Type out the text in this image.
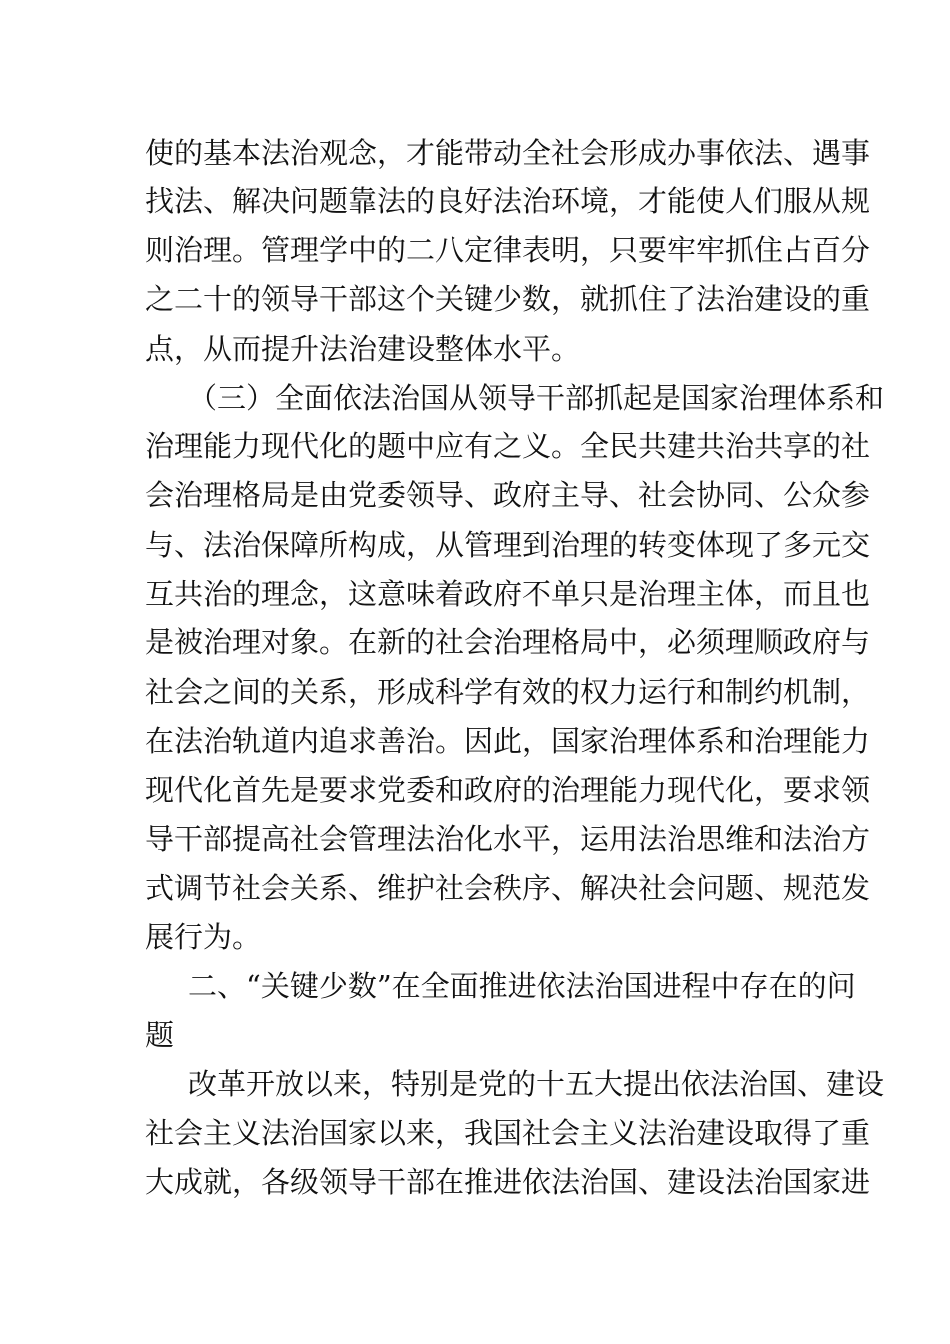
使的基本法治观念，才能带动全社会形成办事依法、遇事
找法、解决问题靠法的良好法治环境，才能使人们服从规
则治理。管理学中的二八定律表明，只要牢牢抓住占百分
之二十的领导干部这个关键少数，就抓住了法治建设的重
点，从而提升法治建设整体水平。
（三）全面依法治国从领导干部抓起是国家治理体系和
治理能力现代化的题中应有之义。全民共建共治共享的社
会治理格局是由党委领导、政府主导、社会协同、公众参
与、法治保障所构成，从管理到治理的转变体现了多元交
互共治的理念，这意味着政府不单只是治理主体，而且也
是被治理对象。在新的社会治理格局中，必须理顺政府与
社会之间的关系，形成科学有效的权力运行和制约机制，
在法治轨道内追求善治。因此，国家治理体系和治理能力
现代化首先是要求党委和政府的治理能力现代化，要求领
导干部提高社会管理法治化水平，运用法治思维和法治方
式调节社会关系、维护社会秩序、解决社会问题、规范发
展行为。
二、“关键少数”在全面推进依法治国进程中存在的问
题
改革开放以来，特别是党的十五大提出依法治国、建设
社会主义法治国家以来，我国社会主义法治建设取得了重
大成就，各级领导干部在推进依法治国、建设法治国家进
